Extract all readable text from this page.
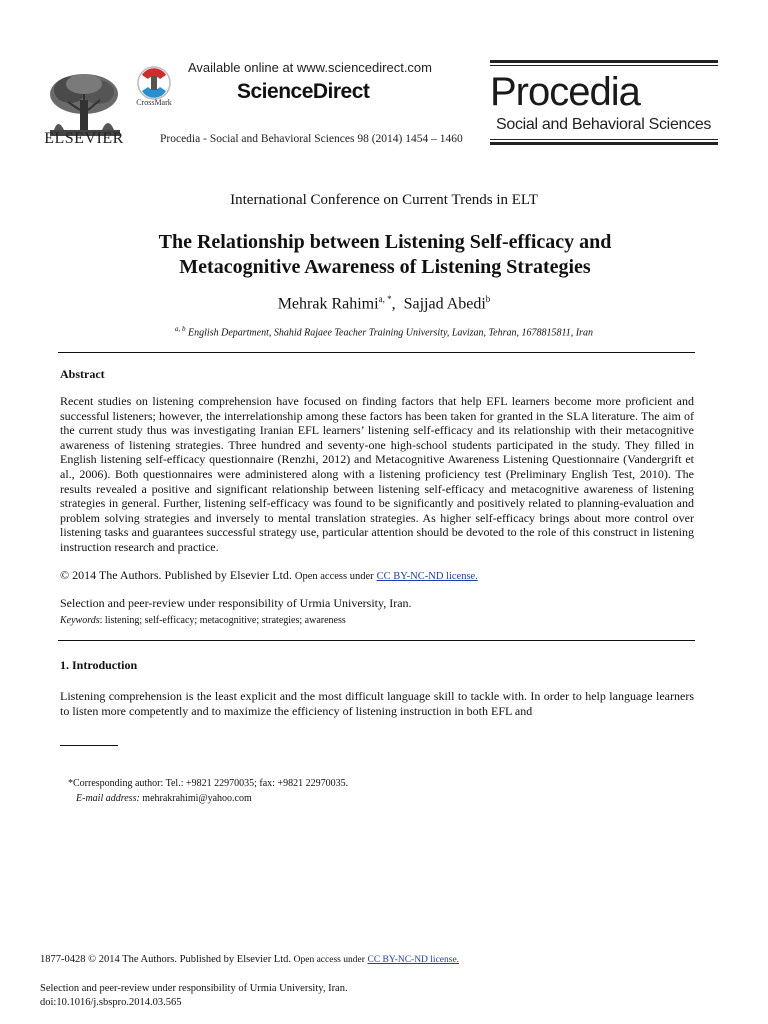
ELSEVIER
CrossMark
Available online at www.sciencedirect.com
ScienceDirect
Procedia - Social and Behavioral Sciences 98 (2014) 1454 – 1460
Procedia
Social and Behavioral Sciences
International Conference on Current Trends in ELT
The Relationship between Listening Self-efficacy and
Metacognitive Awareness of Listening Strategies
Mehrak Rahimi$^{a, *}$, Sajjad Abedi$^b$
$^{a, b}$ English Department, Shahid Rajaee Teacher Training University, Lavizan, Tehran, 1678815811, Iran
Abstract
Recent studies on listening comprehension have focused on finding factors that help EFL learners become more proficient and successful listeners; however, the interrelationship among these factors has been taken for granted in the SLA literature. The aim of the current study thus was investigating Iranian EFL learners’ listening self-efficacy and its relationship with their metacognitive awareness of listening strategies. Three hundred and seventy-one high-school students participated in the study. They filled in English listening self-efficacy questionnaire (Renzhi, 2012) and Metacognitive Awareness Listening Questionnaire (Vandergrift et al., 2006). Both questionnaires were administered along with a listening proficiency test (Preliminary English Test, 2010). The results revealed a positive and significant relationship between listening self-efficacy and metacognitive awareness of listening strategies in general. Further, listening self-efficacy was found to be significantly and positively related to planning-evaluation and problem solving strategies and inversely to mental translation strategies. As higher self-efficacy brings about more control over listening tasks and guarantees successful strategy use, particular attention should be devoted to the role of this construct in listening instruction research and practice.
© 2014 The Authors. Published by Elsevier Ltd. Open access under CC BY-NC-ND license.
Selection and peer-review under responsibility of Urmia University, Iran.
Keywords: listening; self-efficacy; metacognitive; strategies; awareness
1. Introduction
Listening comprehension is the least explicit and the most difficult language skill to tackle with. In order to help language learners to listen more competently and to maximize the efficiency of listening instruction in both EFL and
*Corresponding author: Tel.: +9821 22970035; fax: +9821 22970035.
E-mail address: mehrakrahimi@yahoo.com
1877-0428 © 2014 The Authors. Published by Elsevier Ltd. Open access under CC BY-NC-ND license.
Selection and peer-review under responsibility of Urmia University, Iran.
doi:10.1016/j.sbspro.2014.03.565
